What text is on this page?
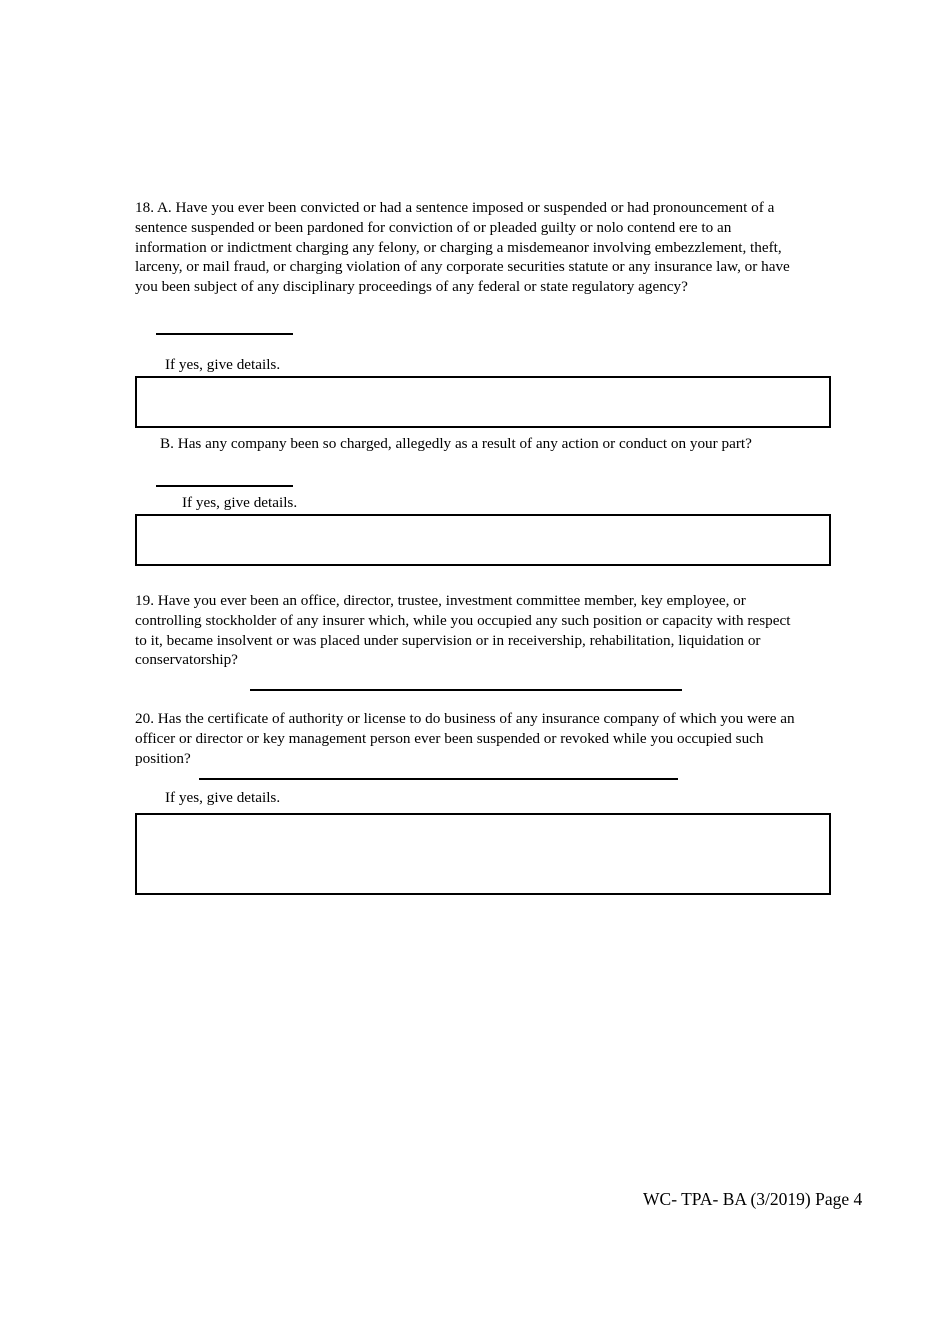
18. A. Have you ever been convicted or had a sentence imposed or suspended or had pronouncement of a
sentence suspended or been pardoned for conviction of or pleaded guilty or nolo contend ere to an
information or indictment charging any felony, or charging a misdemeanor involving embezzlement, theft,
larceny, or mail fraud, or charging violation of any corporate securities statute or any insurance law, or have
you been subject of any disciplinary proceedings of any federal or state regulatory agency?
If yes, give details.
B. Has any company been so charged, allegedly as a result of any action or conduct on your part?
If yes, give details.
19. Have you ever been an office, director, trustee, investment committee member, key employee, or
controlling stockholder of any insurer which, while you occupied any such position or capacity with respect
to it, became insolvent or was placed under supervision or in receivership, rehabilitation, liquidation or
conservatorship?
20. Has the certificate of authority or license to do business of any insurance company of which you were an
officer or director or key management person ever been suspended or revoked while you occupied such
position?
If yes, give details.
WC- TPA- BA (3/2019) Page 4
